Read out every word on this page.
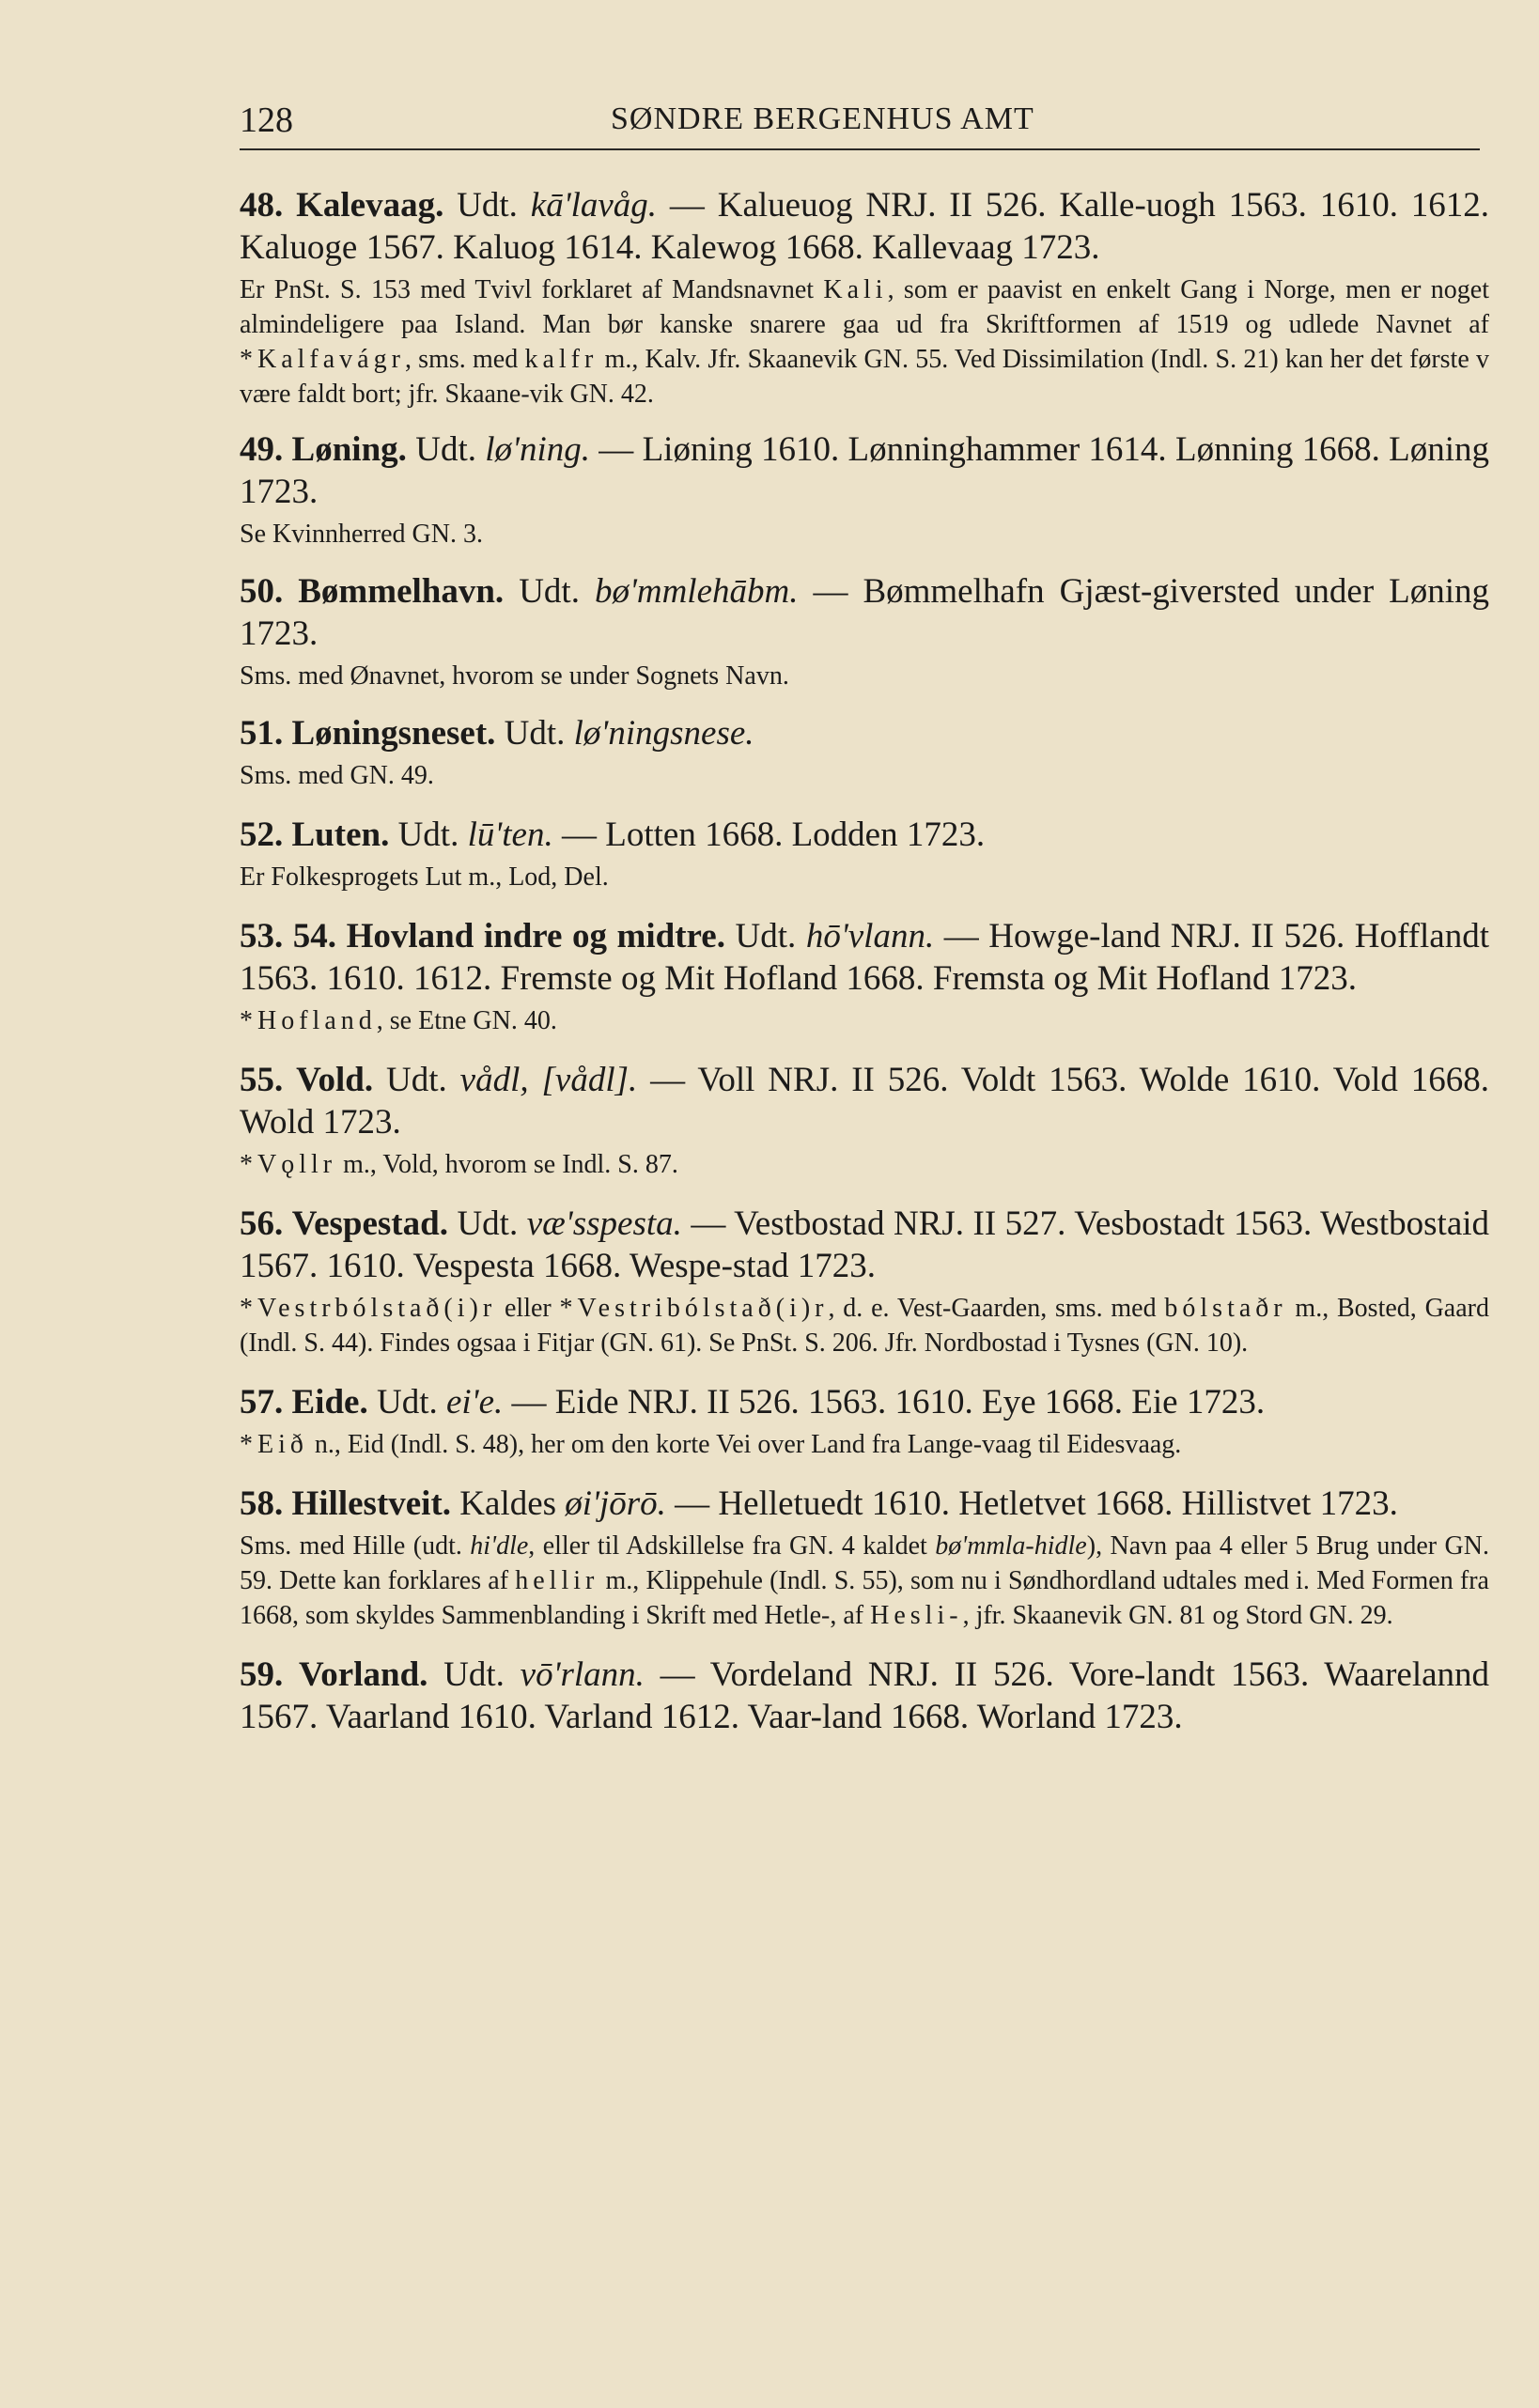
128	SØNDRE BERGENHUS AMT

48. Kalevaag. Udt. kā'lavåg. — Kalueuog NRJ. II 526. Kalle-uogh 1563. 1610. 1612. Kaluoge 1567. Kaluog 1614. Kalewog 1668. Kallevaag 1723.

Er PnSt. S. 153 med Tvivl forklaret af Mandsnavnet Kali, som er paavist en enkelt Gang i Norge, men er noget almindeligere paa Island. Man bør kanske snarere gaa ud fra Skriftformen af 1519 og udlede Navnet af *Kalfavágr, sms. med kalfr m., Kalv. Jfr. Skaanevik GN. 55. Ved Dissimilation (Indl. S. 21) kan her det første v være faldt bort; jfr. Skaane-vik GN. 42.

49. Løning. Udt. lø'ning. — Liøning 1610. Lønninghammer 1614. Lønning 1668. Løning 1723.

Se Kvinnherred GN. 3.

50. Bømmelhavn. Udt. bø'mmlehābm. — Bømmelhafn Gjæst-giversted under Løning 1723.

Sms. med Ønavnet, hvorom se under Sognets Navn.

51. Løningsneset. Udt. lø'ningsnese.

Sms. med GN. 49.

52. Luten. Udt. lū'ten. — Lotten 1668. Lodden 1723.

Er Folkesprogets Lut m., Lod, Del.

53. 54. Hovland indre og midtre. Udt. hō'vlann. — Howge-land NRJ. II 526. Hofflandt 1563. 1610. 1612. Fremste og Mit Hofland 1668. Fremsta og Mit Hofland 1723.

*Hofland, se Etne GN. 40.

55. Vold. Udt. vådl, [vådl]. — Voll NRJ. II 526. Voldt 1563. Wolde 1610. Vold 1668. Wold 1723.

*Vǫllr m., Vold, hvorom se Indl. S. 87.

56. Vespestad. Udt. væ'sspesta. — Vestbostad NRJ. II 527. Vesbostadt 1563. Westbostaid 1567. 1610. Vespesta 1668. Wespe-stad 1723.

*Vestrbólstað(i)r eller *Vestribólstað(i)r, d. e. Vest-Gaarden, sms. med bólstaðr m., Bosted, Gaard (Indl. S. 44). Findes ogsaa i Fitjar (GN. 61). Se PnSt. S. 206. Jfr. Nordbostad i Tysnes (GN. 10).

57. Eide. Udt. ei'e. — Eide NRJ. II 526. 1563. 1610. Eye 1668. Eie 1723.

*Eið n., Eid (Indl. S. 48), her om den korte Vei over Land fra Lange-vaag til Eidesvaag.

58. Hillestveit. Kaldes øi'jōrō. — Helletuedt 1610. Hetletvet 1668. Hillistvet 1723.

Sms. med Hille (udt. hi'dle, eller til Adskillelse fra GN. 4 kaldet bø'mmla-hidle), Navn paa 4 eller 5 Brug under GN. 59. Dette kan forklares af hellir m., Klippehule (Indl. S. 55), som nu i Søndhordland udtales med i. Med Formen fra 1668, som skyldes Sammenblanding i Skrift med Hetle-, af Hesli-, jfr. Skaanevik GN. 81 og Stord GN. 29.

59. Vorland. Udt. vō'rlann. — Vordeland NRJ. II 526. Vore-landt 1563. Waarelannd 1567. Vaarland 1610. Varland 1612. Vaar-land 1668. Worland 1723.
